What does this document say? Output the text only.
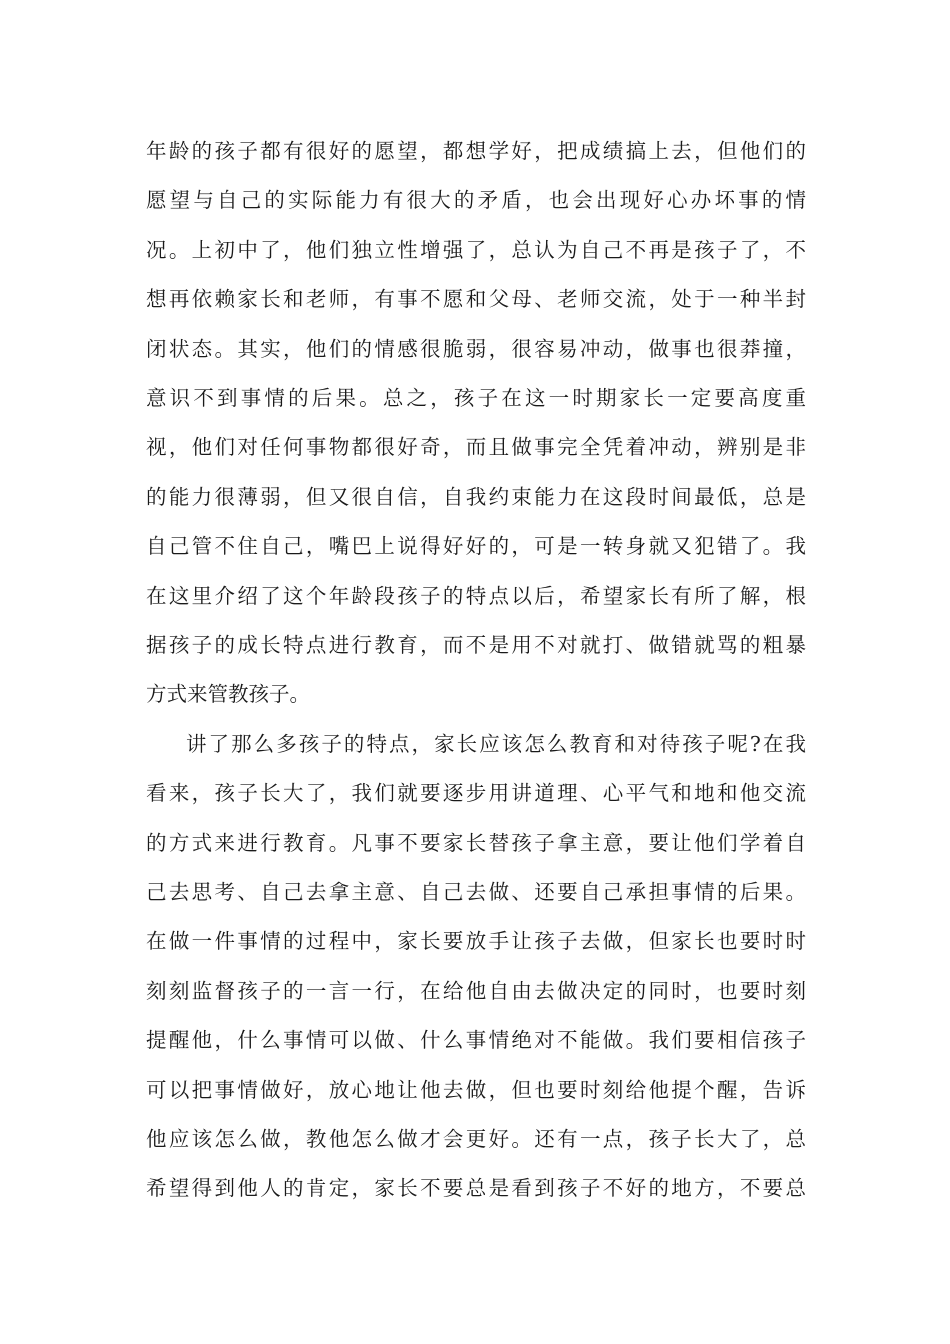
年龄的孩子都有很好的愿望，都想学好，把成绩搞上去，但他们的
愿望与自己的实际能力有很大的矛盾，也会出现好心办坏事的情
况。上初中了，他们独立性增强了，总认为自己不再是孩子了，不
想再依赖家长和老师，有事不愿和父母、老师交流，处于一种半封
闭状态。其实，他们的情感很脆弱，很容易冲动，做事也很莽撞，
意识不到事情的后果。总之，孩子在这一时期家长一定要高度重
视，他们对任何事物都很好奇，而且做事完全凭着冲动，辨别是非
的能力很薄弱，但又很自信，自我约束能力在这段时间最低，总是
自己管不住自己，嘴巴上说得好好的，可是一转身就又犯错了。我
在这里介绍了这个年龄段孩子的特点以后，希望家长有所了解，根
据孩子的成长特点进行教育，而不是用不对就打、做错就骂的粗暴
方式来管教孩子。
讲了那么多孩子的特点，家长应该怎么教育和对待孩子呢?在我
看来，孩子长大了，我们就要逐步用讲道理、心平气和地和他交流
的方式来进行教育。凡事不要家长替孩子拿主意，要让他们学着自
己去思考、自己去拿主意、自己去做、还要自己承担事情的后果。
在做一件事情的过程中，家长要放手让孩子去做，但家长也要时时
刻刻监督孩子的一言一行，在给他自由去做决定的同时，也要时刻
提醒他，什么事情可以做、什么事情绝对不能做。我们要相信孩子
可以把事情做好，放心地让他去做，但也要时刻给他提个醒，告诉
他应该怎么做，教他怎么做才会更好。还有一点，孩子长大了，总
希望得到他人的肯定，家长不要总是看到孩子不好的地方，不要总
